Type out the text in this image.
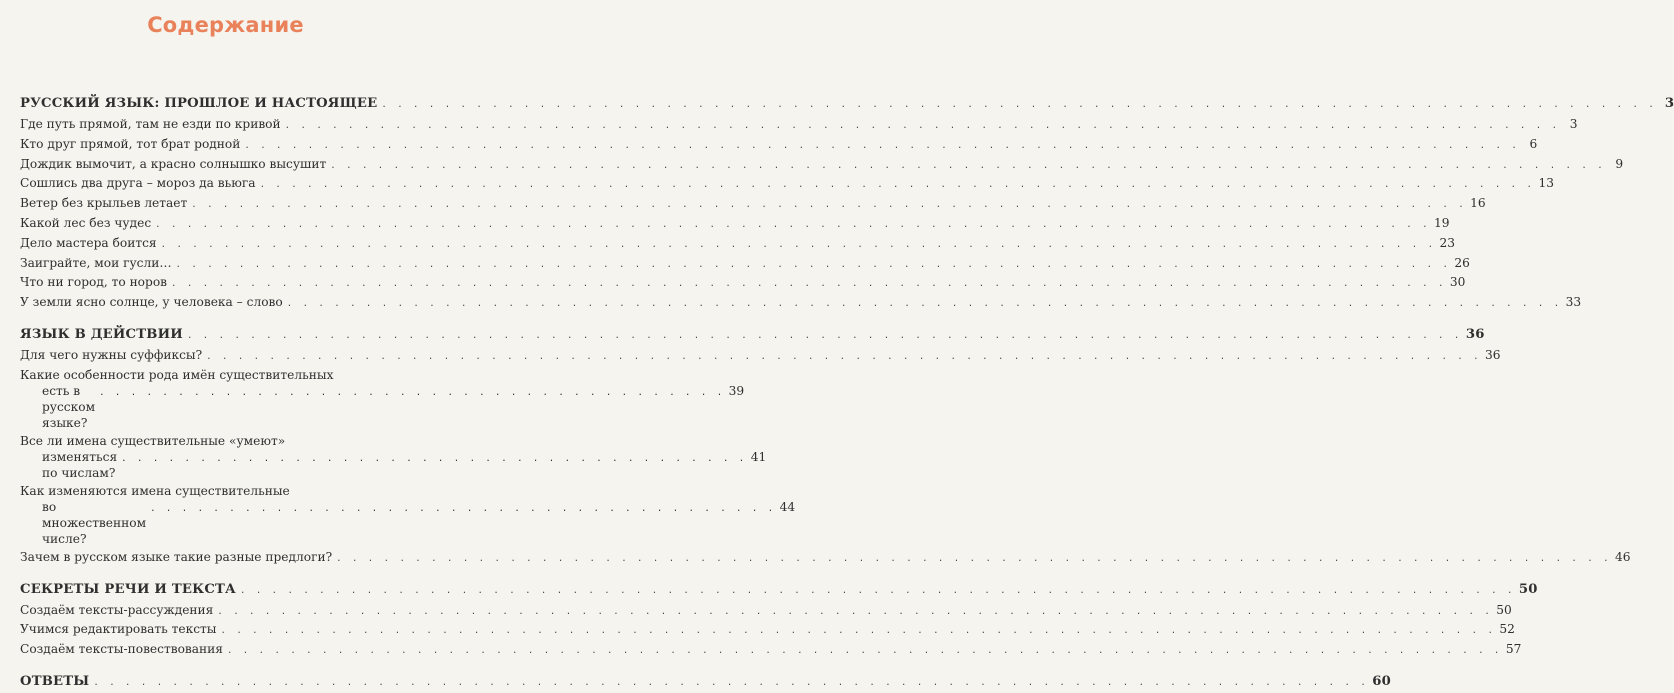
Содержание
РУССКИЙ ЯЗЫК: ПРОШЛОЕ И НАСТОЯЩЕЕ . . .	3
Где путь прямой, там не езди по кривой . . .	3
Кто друг прямой, тот брат родной . . .	6
Дождик вымочит, а красно солнышко высушит . . .	9
Сошлись два друга – мороз да вьюга . . .	13
Ветер без крыльев летает . . .	16
Какой лес без чудес . . .	19
Дело мастера боится . . .	23
Заиграйте, мои гусли… . . .	26
Что ни город, то норов . . .	30
У земли ясно солнце, у человека – слово . . .	33
ЯЗЫК В ДЕЙСТВИИ . . .	36
Для чего нужны суффиксы? . . .	36
Какие особенности рода имён существительных
есть в русском языке?
. . . . . . . . . . . . . . . . . . . . . . . . . . . . . . . . . . . . . . . . 39
Все ли имена существительные «умеют»
изменяться по числам?
. . . . . . . . . . . . . . . . . . . . . . . . . . . . . . . . . . . . . . . . 41
Как изменяются имена существительные
во множественном числе?
. . . . . . . . . . . . . . . . . . . . . . . . . . . . . . . . . . . . . . . . 44
Зачем в русском языке такие разные предлоги? . . .	46
СЕКРЕТЫ РЕЧИ И ТЕКСТА . . .	50
Создаём тексты-рассуждения . . .	50
Учимся редактировать тексты . . .	52
Создаём тексты-повествования . . .	57
ОТВЕТЫ . . .	60
